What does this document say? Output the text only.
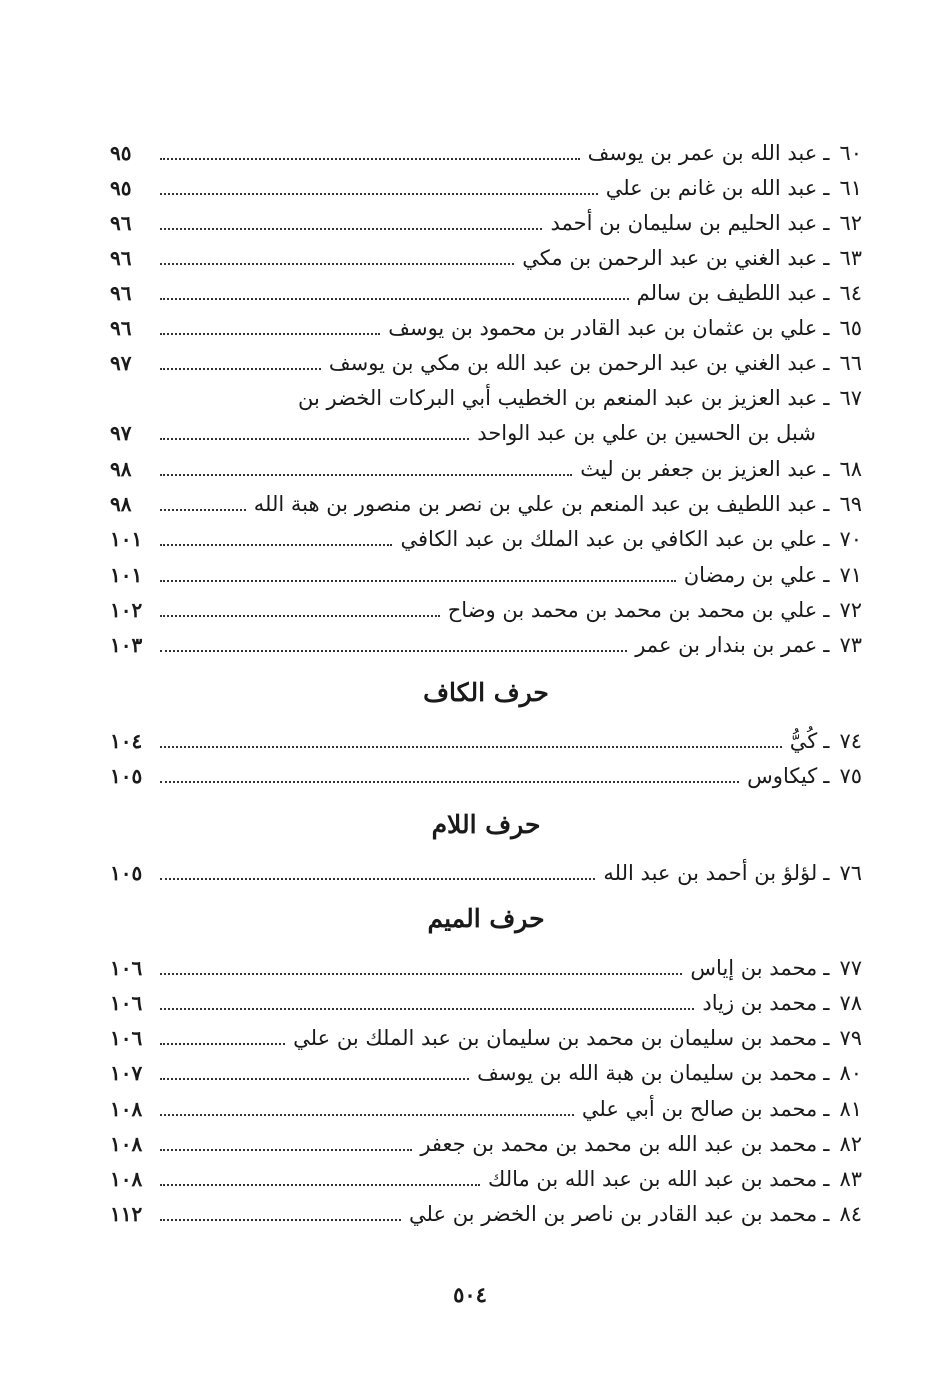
٦٠
ـ
عبد الله بن عمر بن يوسف
٩٥
٦١
ـ
عبد الله بن غانم بن علي
٩٥
٦٢
ـ
عبد الحليم بن سليمان بن أحمد
٩٦
٦٣
ـ
عبد الغني بن عبد الرحمن بن مكي
٩٦
٦٤
ـ
عبد اللطيف بن سالم
٩٦
٦٥
ـ
علي بن عثمان بن عبد القادر بن محمود بن يوسف
٩٦
٦٦
ـ
عبد الغني بن عبد الرحمن بن عبد الله بن مكي بن يوسف
٩٧
٦٧
ـ
عبد العزيز بن عبد المنعم بن الخطيب أبي البركات الخضر بن
شبل بن الحسين بن علي بن عبد الواحد
٩٧
٦٨
ـ
عبد العزيز بن جعفر بن ليث
٩٨
٦٩
ـ
عبد اللطيف بن عبد المنعم بن علي بن نصر بن منصور بن هبة الله
٩٨
٧٠
ـ
علي بن عبد الكافي بن عبد الملك بن عبد الكافي
١٠١
٧١
ـ
علي بن رمضان
١٠١
٧٢
ـ
علي بن محمد بن محمد بن محمد بن وضاح
١٠٢
٧٣
ـ
عمر بن بندار بن عمر
١٠٣
حرف الكاف
٧٤
ـ
كُيُّ
١٠٤
٧٥
ـ
كيكاوس
١٠٥
حرف اللام
٧٦
ـ
لؤلؤ بن أحمد بن عبد الله
١٠٥
حرف الميم
٧٧
ـ
محمد بن إياس
١٠٦
٧٨
ـ
محمد بن زياد
١٠٦
٧٩
ـ
محمد بن سليمان بن محمد بن سليمان بن عبد الملك بن علي
١٠٦
٨٠
ـ
محمد بن سليمان بن هبة الله بن يوسف
١٠٧
٨١
ـ
محمد بن صالح بن أبي علي
١٠٨
٨٢
ـ
محمد بن عبد الله بن محمد بن محمد بن جعفر
١٠٨
٨٣
ـ
محمد بن عبد الله بن عبد الله بن مالك
١٠٨
٨٤
ـ
محمد بن عبد القادر بن ناصر بن الخضر بن علي
١١٢
٥٠٤
